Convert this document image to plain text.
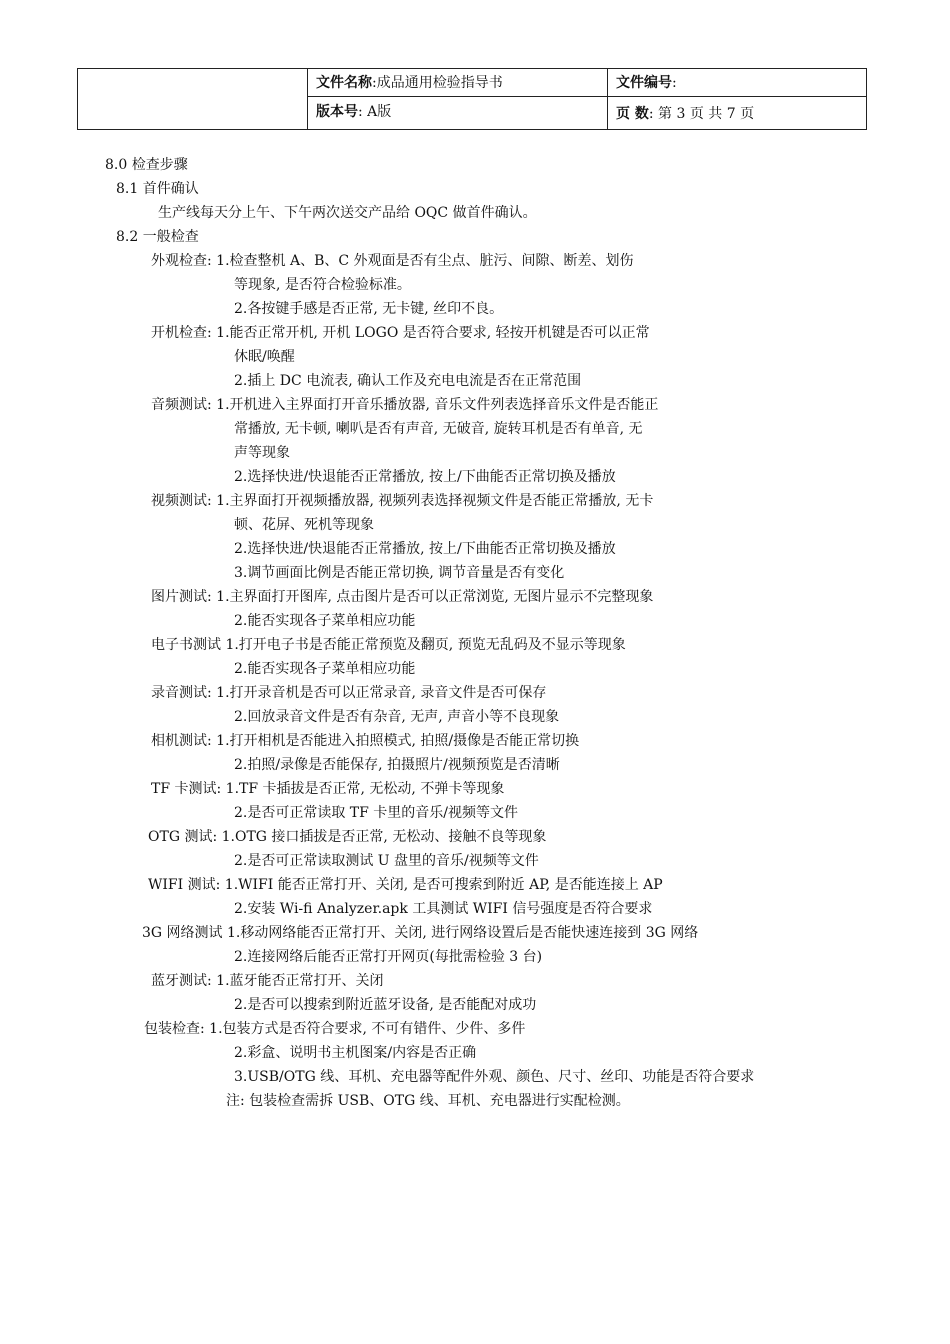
文件名称:成品通用检验指导书	文件编号:
版本号: A版	页 数: 第 3 页 共 7 页
8.0 检查步骤
8.1 首件确认
生产线每天分上午、下午两次送交产品给 OQC 做首件确认。
8.2 一般检查
外观检查: 1.检查整机 A、B、C 外观面是否有尘点、脏污、间隙、断差、划伤
等现象, 是否符合检验标准。
2.各按键手感是否正常, 无卡键, 丝印不良。
开机检查: 1.能否正常开机, 开机 LOGO 是否符合要求, 轻按开机键是否可以正常
休眠/唤醒
2.插上 DC 电流表, 确认工作及充电电流是否在正常范围
音频测试: 1.开机进入主界面打开音乐播放器, 音乐文件列表选择音乐文件是否能正
常播放, 无卡顿, 喇叭是否有声音, 无破音, 旋转耳机是否有单音, 无
声等现象
2.选择快进/快退能否正常播放, 按上/下曲能否正常切换及播放
视频测试: 1.主界面打开视频播放器, 视频列表选择视频文件是否能正常播放, 无卡
顿、花屏、死机等现象
2.选择快进/快退能否正常播放, 按上/下曲能否正常切换及播放
3.调节画面比例是否能正常切换, 调节音量是否有变化
图片测试: 1.主界面打开图库, 点击图片是否可以正常浏览, 无图片显示不完整现象
2.能否实现各子菜单相应功能
电子书测试 1.打开电子书是否能正常预览及翻页, 预览无乱码及不显示等现象
2.能否实现各子菜单相应功能
录音测试: 1.打开录音机是否可以正常录音, 录音文件是否可保存
2.回放录音文件是否有杂音, 无声, 声音小等不良现象
相机测试: 1.打开相机是否能进入拍照模式, 拍照/摄像是否能正常切换
2.拍照/录像是否能保存, 拍摄照片/视频预览是否清晰
TF 卡测试: 1.TF 卡插拔是否正常, 无松动, 不弹卡等现象
2.是否可正常读取 TF 卡里的音乐/视频等文件
OTG 测试: 1.OTG 接口插拔是否正常, 无松动、接触不良等现象
2.是否可正常读取测试 U 盘里的音乐/视频等文件
WIFI 测试: 1.WIFI 能否正常打开、关闭, 是否可搜索到附近 AP, 是否能连接上 AP
2.安装 Wi-fi Analyzer.apk 工具测试 WIFI 信号强度是否符合要求
3G 网络测试 1.移动网络能否正常打开、关闭, 进行网络设置后是否能快速连接到 3G 网络
2.连接网络后能否正常打开网页(每批需检验 3 台)
蓝牙测试: 1.蓝牙能否正常打开、关闭
2.是否可以搜索到附近蓝牙设备, 是否能配对成功
包装检查: 1.包装方式是否符合要求, 不可有错件、少件、多件
2.彩盒、说明书主机图案/内容是否正确
3.USB/OTG 线、耳机、充电器等配件外观、颜色、尺寸、丝印、功能是否符合要求
注: 包装检查需拆 USB、OTG 线、耳机、充电器进行实配检测。
